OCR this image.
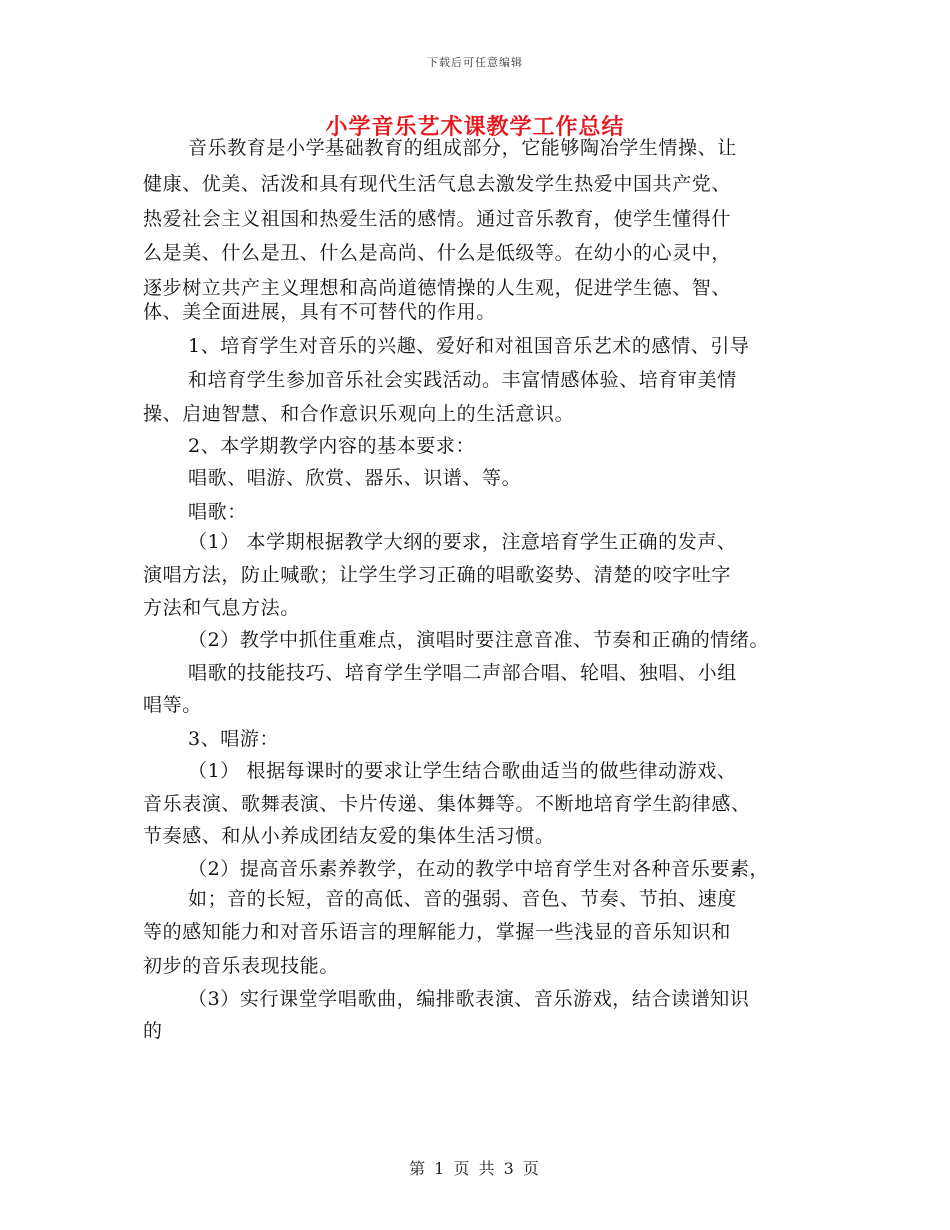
下载后可任意编辑
小学音乐艺术课教学工作总结
音乐教育是小学基础教育的组成部分，它能够陶冶学生情操、让
健康、优美、活泼和具有现代生活气息去激发学生热爱中国共产党、
热爱社会主义祖国和热爱生活的感情。通过音乐教育，使学生懂得什
么是美、什么是丑、什么是高尚、什么是低级等。在幼小的心灵中，
逐步树立共产主义理想和高尚道德情操的人生观，促进学生德、智、
体、美全面进展，具有不可替代的作用。
1、培育学生对音乐的兴趣、爱好和对祖国音乐艺术的感情、引导
和培育学生参加音乐社会实践活动。丰富情感体验、培育审美情
操、启迪智慧、和合作意识乐观向上的生活意识。
2、本学期教学内容的基本要求：
唱歌、唱游、欣赏、器乐、识谱、等。
唱歌：
（1） 本学期根据教学大纲的要求，注意培育学生正确的发声、
演唱方法，防止喊歌；让学生学习正确的唱歌姿势、清楚的咬字吐字
方法和气息方法。
（2）教学中抓住重难点，演唱时要注意音准、节奏和正确的情绪。
唱歌的技能技巧、培育学生学唱二声部合唱、轮唱、独唱、小组
唱等。
3、唱游：
（1） 根据每课时的要求让学生结合歌曲适当的做些律动游戏、
音乐表演、歌舞表演、卡片传递、集体舞等。不断地培育学生韵律感、
节奏感、和从小养成团结友爱的集体生活习惯。
（2）提高音乐素养教学，在动的教学中培育学生对各种音乐要素，
如；音的长短，音的高低、音的强弱、音色、节奏、节拍、速度
等的感知能力和对音乐语言的理解能力，掌握一些浅显的音乐知识和
初步的音乐表现技能。
（3）实行课堂学唱歌曲，编排歌表演、音乐游戏，结合读谱知识
的
第 1 页 共 3 页
